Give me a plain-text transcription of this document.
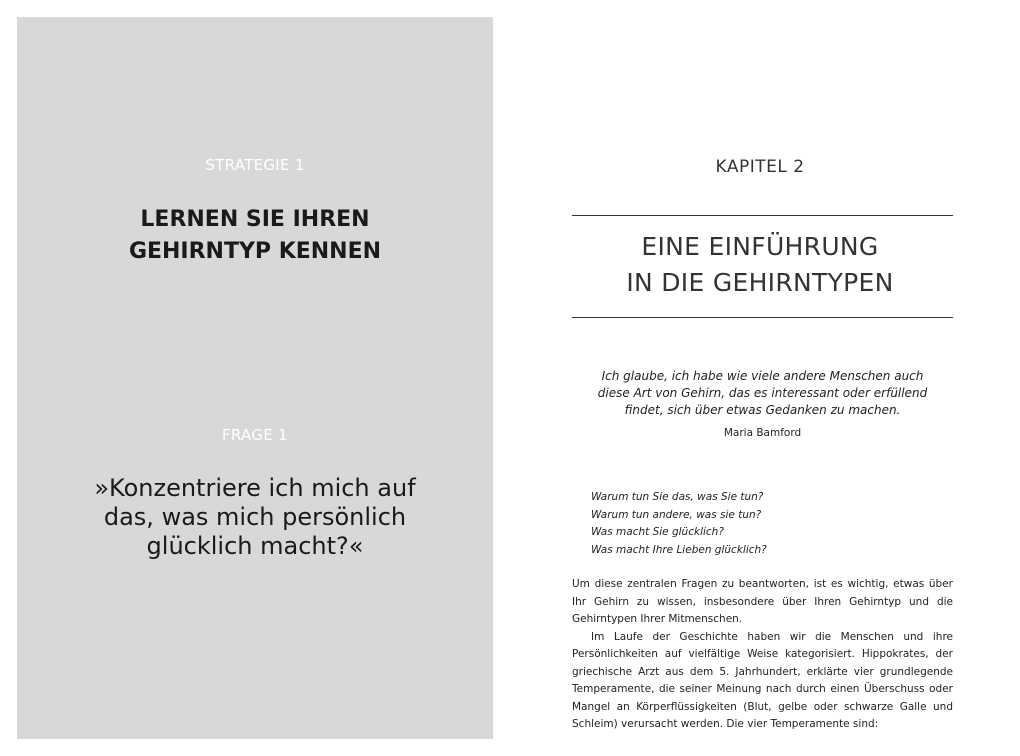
STRATEGIE 1
LERNEN SIE IHREN
GEHIRNTYP KENNEN
FRAGE 1
»Konzentriere ich mich auf
das, was mich persönlich
glücklich macht?«
KAPITEL 2
EINE EINFÜHRUNG
IN DIE GEHIRNTYPEN
Ich glaube, ich habe wie viele andere Menschen auch
diese Art von Gehirn, das es interessant oder erfüllend
findet, sich über etwas Gedanken zu machen.
Maria Bamford
Warum tun Sie das, was Sie tun?
Warum tun andere, was sie tun?
Was macht Sie glücklich?
Was macht Ihre Lieben glücklich?

Um diese zentralen Fragen zu beantworten, ist es wichtig, etwas über Ihr Gehirn zu wissen, insbesondere über Ihren Gehirntyp und die Gehirntypen Ihrer Mitmenschen.

Im Laufe der Geschichte haben wir die Menschen und ihre Persönlichkeiten auf vielfältige Weise kategorisiert. Hippokrates, der griechische Arzt aus dem 5. Jahrhundert, erklärte vier grundlegende Temperamente, die seiner Meinung nach durch einen Überschuss oder Mangel an Körperflüssigkeiten (Blut, gelbe oder schwarze Galle und Schleim) verursacht werden. Die vier Temperamente sind:
